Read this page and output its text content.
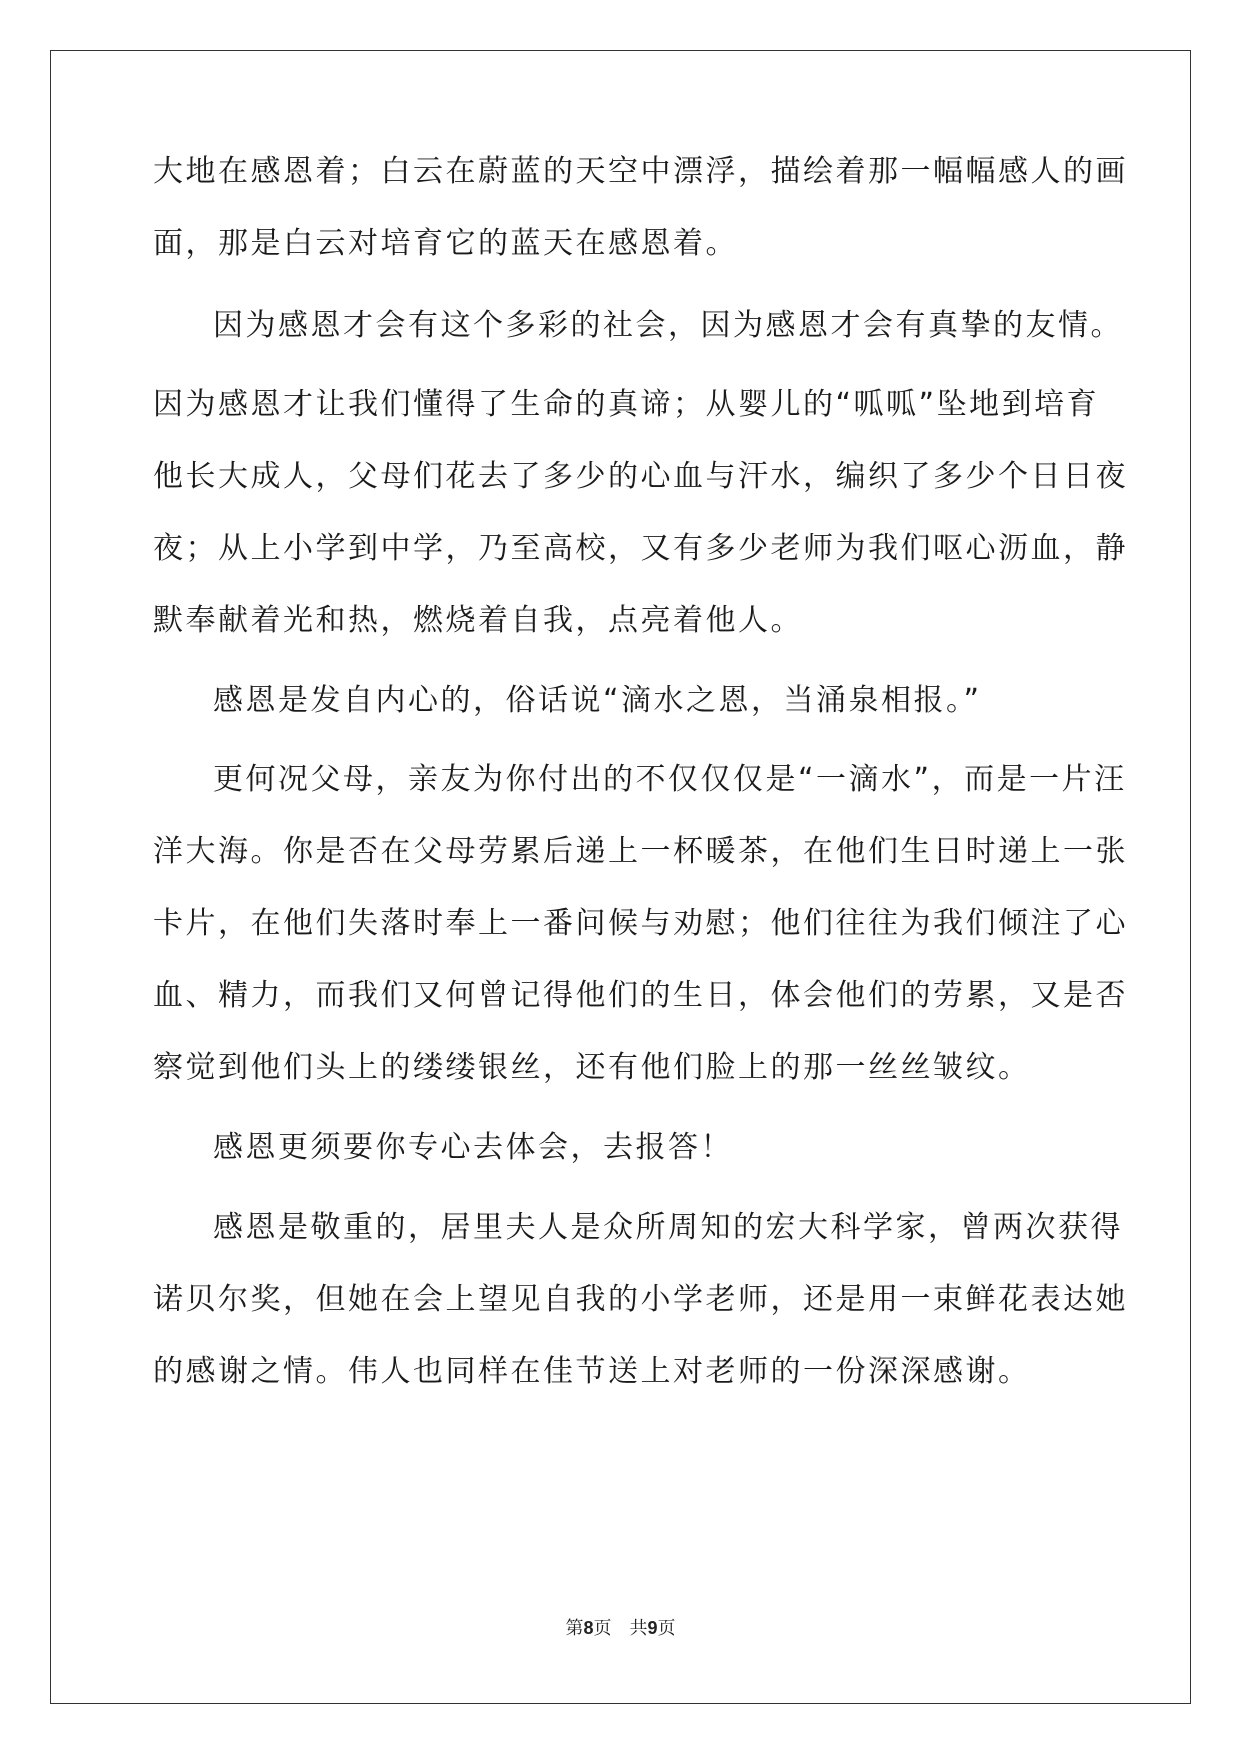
大地在感恩着；白云在蔚蓝的天空中漂浮，描绘着那一幅幅感人的画
面，那是白云对培育它的蓝天在感恩着。
因为感恩才会有这个多彩的社会，因为感恩才会有真挚的友情。
因为感恩才让我们懂得了生命的真谛；从婴儿的“呱呱”坠地到培育
他长大成人，父母们花去了多少的心血与汗水，编织了多少个日日夜
夜；从上小学到中学，乃至高校，又有多少老师为我们呕心沥血，静
默奉献着光和热，燃烧着自我，点亮着他人。
感恩是发自内心的，俗话说“滴水之恩，当涌泉相报。”
更何况父母，亲友为你付出的不仅仅仅是“一滴水”，而是一片汪
洋大海。你是否在父母劳累后递上一杯暖茶，在他们生日时递上一张
卡片，在他们失落时奉上一番问候与劝慰；他们往往为我们倾注了心
血、精力，而我们又何曾记得他们的生日，体会他们的劳累，又是否
察觉到他们头上的缕缕银丝，还有他们脸上的那一丝丝皱纹。
感恩更须要你专心去体会，去报答！
感恩是敬重的，居里夫人是众所周知的宏大科学家，曾两次获得
诺贝尔奖，但她在会上望见自我的小学老师，还是用一束鲜花表达她
的感谢之情。伟人也同样在佳节送上对老师的一份深深感谢。
第8页　共9页
